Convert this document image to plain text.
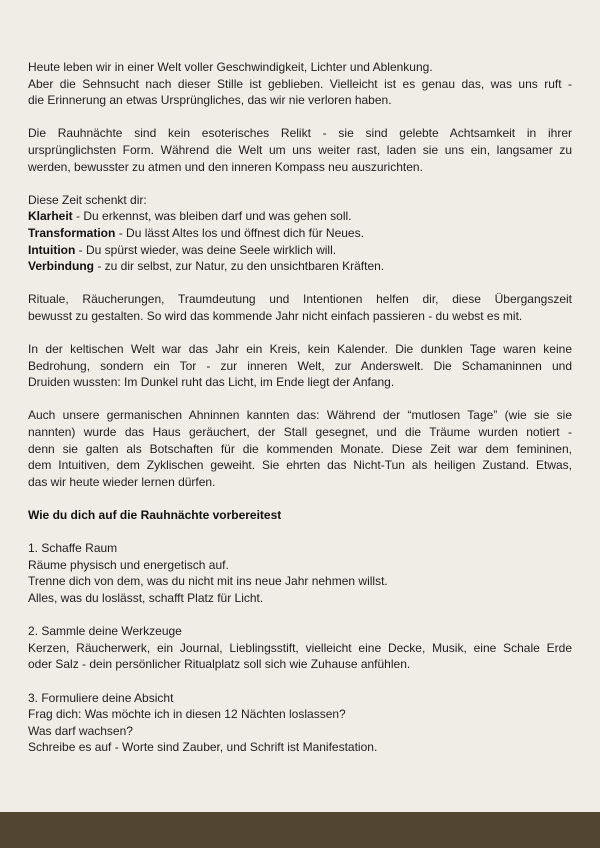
Heute leben wir in einer Welt voller Geschwindigkeit, Lichter und Ablenkung.
Aber die Sehnsucht nach dieser Stille ist geblieben. Vielleicht ist es genau das, was uns ruft -
die Erinnerung an etwas Ursprüngliches, das wir nie verloren haben.
Die Rauhnächte sind kein esoterisches Relikt - sie sind gelebte Achtsamkeit in ihrer
ursprünglichsten Form. Während die Welt um uns weiter rast, laden sie uns ein, langsamer zu
werden, bewusster zu atmen und den inneren Kompass neu auszurichten.
Diese Zeit schenkt dir:
Klarheit - Du erkennst, was bleiben darf und was gehen soll.
Transformation - Du lässt Altes los und öffnest dich für Neues.
Intuition - Du spürst wieder, was deine Seele wirklich will.
Verbindung - zu dir selbst, zur Natur, zu den unsichtbaren Kräften.
Rituale, Räucherungen, Traumdeutung und Intentionen helfen dir, diese Übergangszeit
bewusst zu gestalten. So wird das kommende Jahr nicht einfach passieren - du webst es mit.
In der keltischen Welt war das Jahr ein Kreis, kein Kalender. Die dunklen Tage waren keine
Bedrohung, sondern ein Tor - zur inneren Welt, zur Anderswelt. Die Schamaninnen und
Druiden wussten: Im Dunkel ruht das Licht, im Ende liegt der Anfang.
Auch unsere germanischen Ahninnen kannten das: Während der “mutlosen Tage” (wie sie sie
nannten) wurde das Haus geräuchert, der Stall gesegnet, und die Träume wurden notiert -
denn sie galten als Botschaften für die kommenden Monate. Diese Zeit war dem femininen,
dem Intuitiven, dem Zyklischen geweiht. Sie ehrten das Nicht-Tun als heiligen Zustand. Etwas,
das wir heute wieder lernen dürfen.
Wie du dich auf die Rauhnächte vorbereitest
1. Schaffe Raum
Räume physisch und energetisch auf.
Trenne dich von dem, was du nicht mit ins neue Jahr nehmen willst.
Alles, was du loslässt, schafft Platz für Licht.
2. Sammle deine Werkzeuge
Kerzen, Räucherwerk, ein Journal, Lieblingsstift, vielleicht eine Decke, Musik, eine Schale Erde
oder Salz - dein persönlicher Ritualplatz soll sich wie Zuhause anfühlen.
3. Formuliere deine Absicht
Frag dich: Was möchte ich in diesen 12 Nächten loslassen?
Was darf wachsen?
Schreibe es auf - Worte sind Zauber, und Schrift ist Manifestation.
